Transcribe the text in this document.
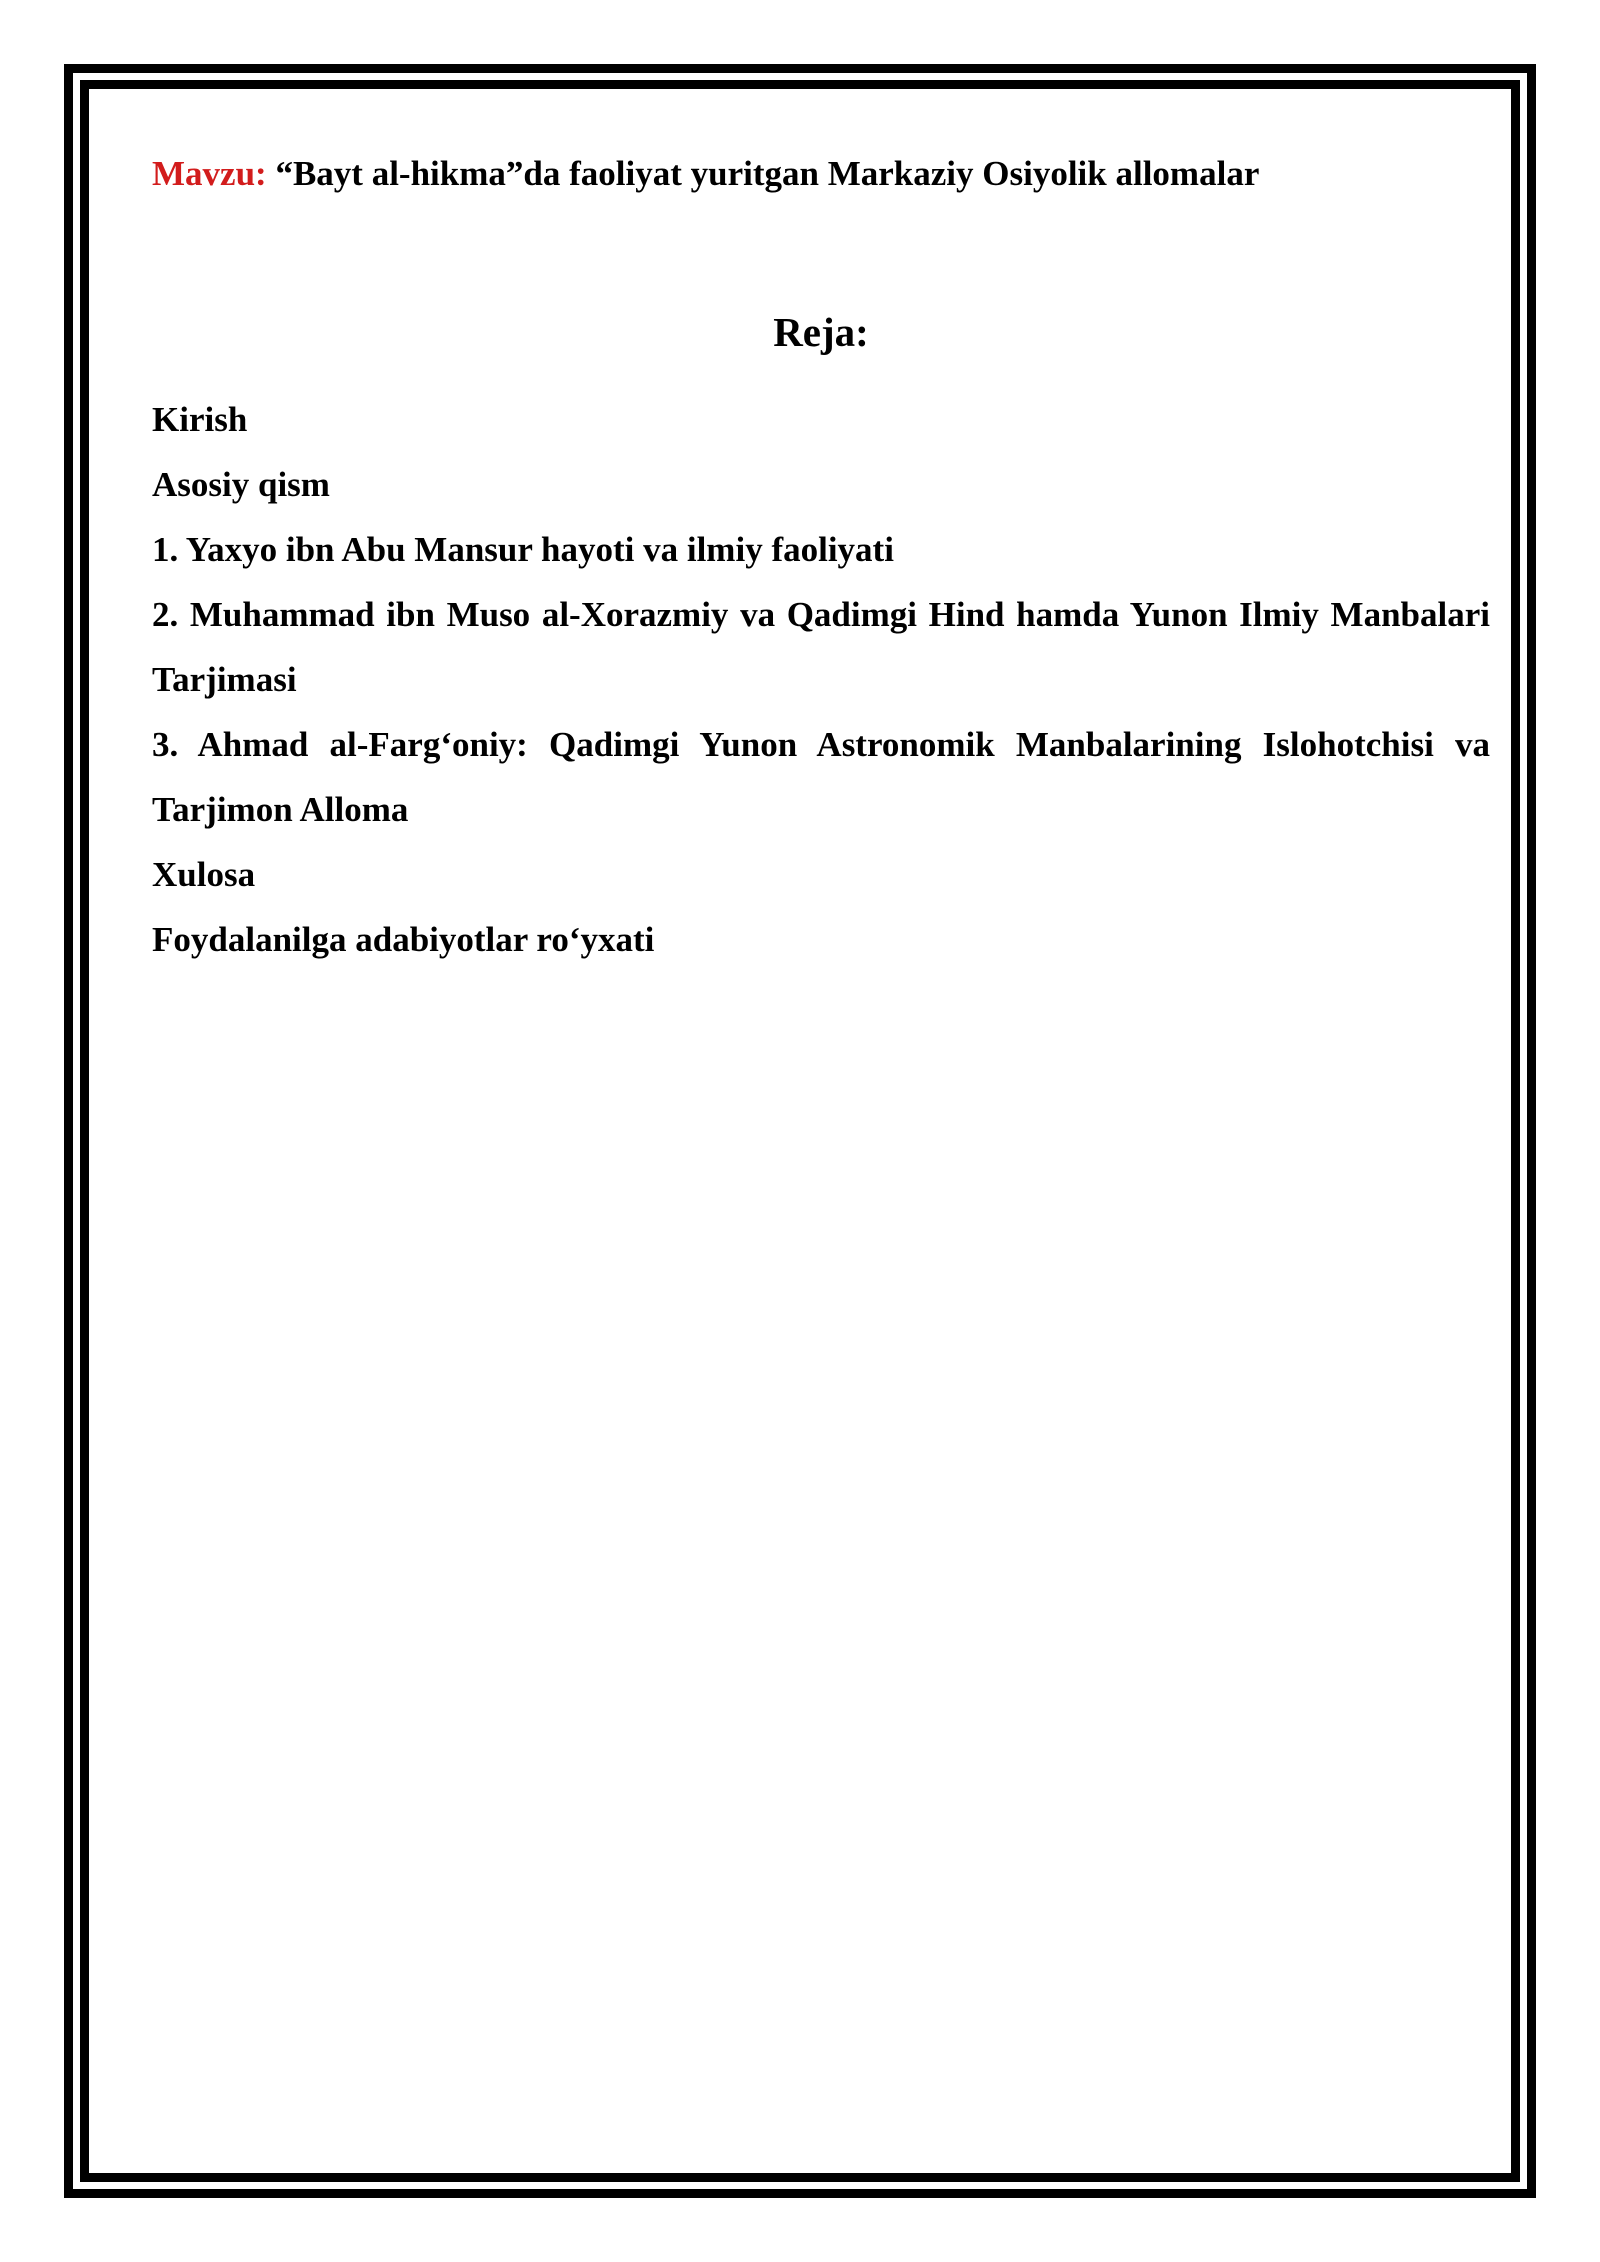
Mavzu: “Bayt al-hikma”da faoliyat yuritgan Markaziy Osiyolik allomalar
Reja:
Kirish
Asosiy qism
1. Yaxyo ibn Abu Mansur hayoti va ilmiy faoliyati
2. Muhammad ibn Muso al-Xorazmiy va Qadimgi Hind hamda Yunon Ilmiy Manbalari Tarjimasi
3. Ahmad al-Farg‘oniy: Qadimgi Yunon Astronomik Manbalarining Islohotchisi va Tarjimon Alloma
Xulosa
Foydalanilga adabiyotlar ro‘yxati
